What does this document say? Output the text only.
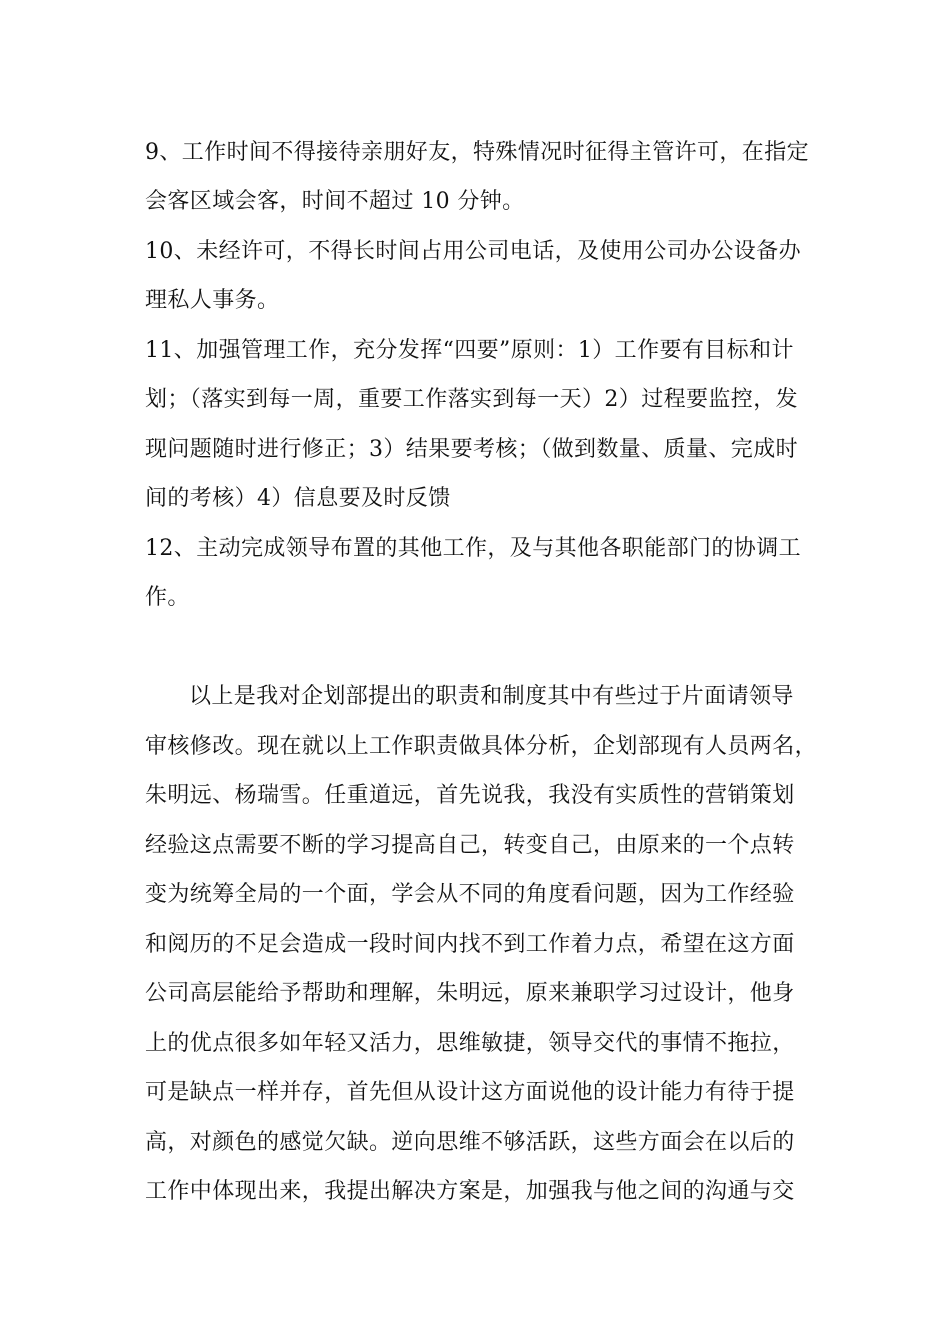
9、工作时间不得接待亲朋好友，特殊情况时征得主管许可，在指定
会客区域会客，时间不超过 10 分钟。
10、未经许可，不得长时间占用公司电话，及使用公司办公设备办
理私人事务。
11、加强管理工作，充分发挥“四要”原则：1）工作要有目标和计
划；（落实到每一周，重要工作落实到每一天）2）过程要监控，发
现问题随时进行修正；3）结果要考核；（做到数量、质量、完成时
间的考核）4）信息要及时反馈
12、主动完成领导布置的其他工作，及与其他各职能部门的协调工
作。
以上是我对企划部提出的职责和制度其中有些过于片面请领导
审核修改。现在就以上工作职责做具体分析，企划部现有人员两名，
朱明远、杨瑞雪。任重道远，首先说我，我没有实质性的营销策划
经验这点需要不断的学习提高自己，转变自己，由原来的一个点转
变为统筹全局的一个面，学会从不同的角度看问题，因为工作经验
和阅历的不足会造成一段时间内找不到工作着力点，希望在这方面
公司高层能给予帮助和理解，朱明远，原来兼职学习过设计，他身
上的优点很多如年轻又活力，思维敏捷，领导交代的事情不拖拉，
可是缺点一样并存，首先但从设计这方面说他的设计能力有待于提
高，对颜色的感觉欠缺。逆向思维不够活跃，这些方面会在以后的
工作中体现出来，我提出解决方案是，加强我与他之间的沟通与交
